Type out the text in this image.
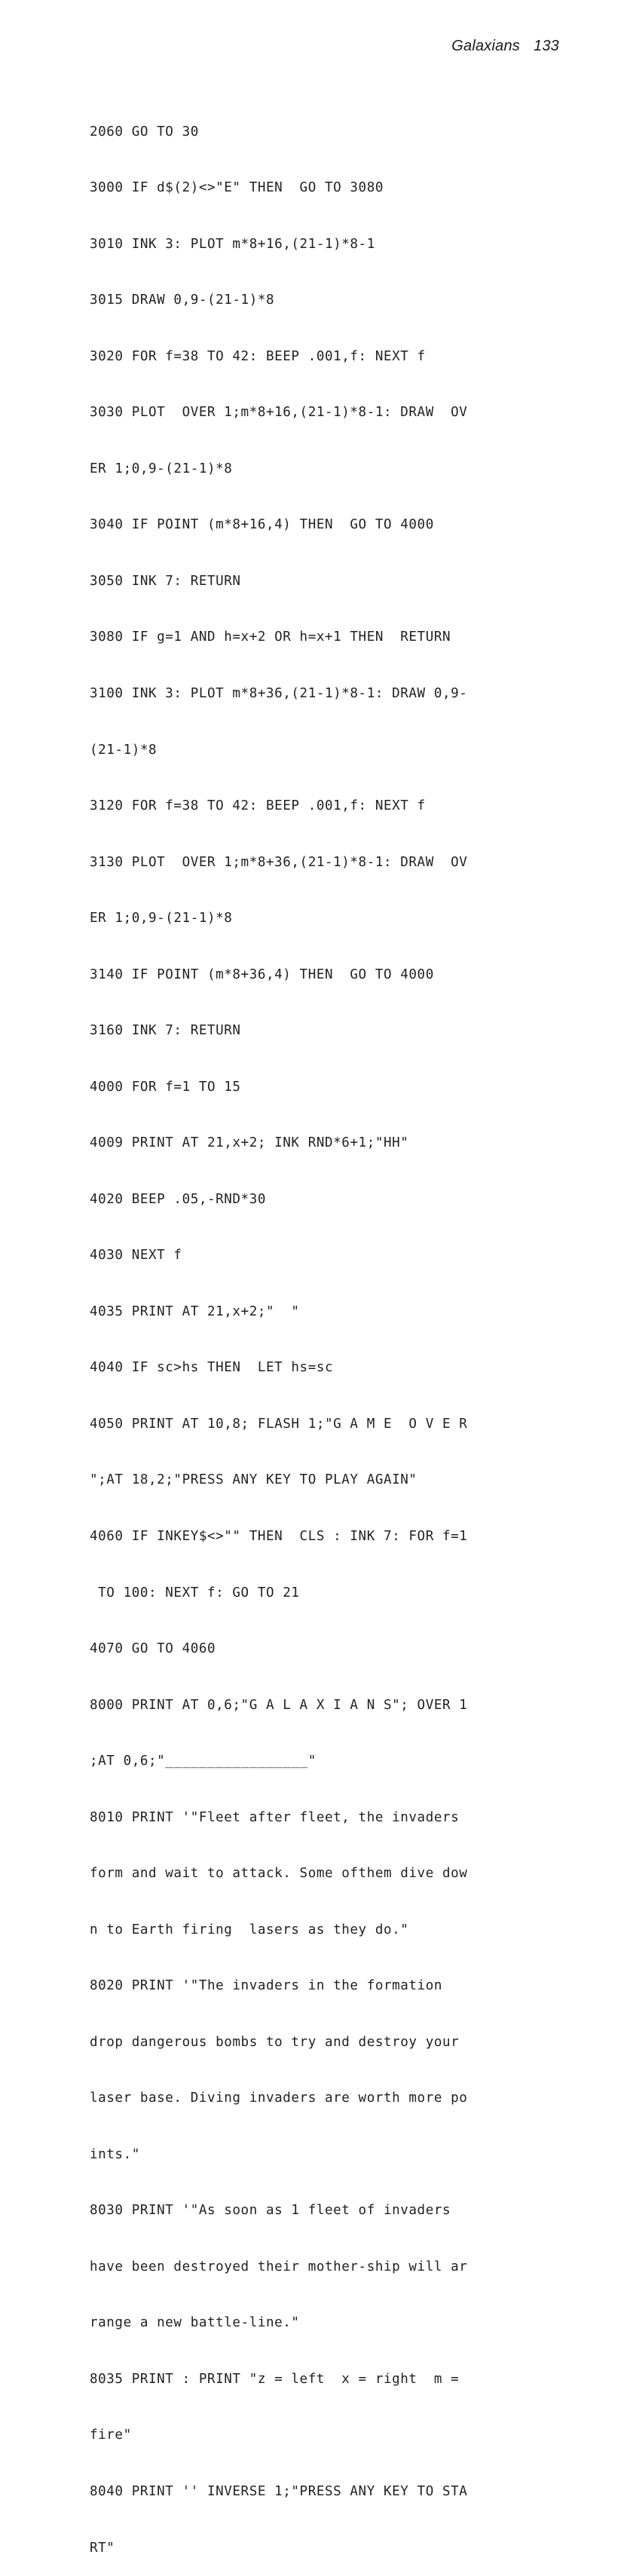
Galaxians 133

2060 GO TO 30

3000 IF d$(2)<>"E" THEN  GO TO 3080

3010 INK 3: PLOT m*8+16,(21-1)*8-1

3015 DRAW 0,9-(21-1)*8

3020 FOR f=38 TO 42: BEEP .001,f: NEXT f

3030 PLOT  OVER 1;m*8+16,(21-1)*8-1: DRAW  OV

ER 1;0,9-(21-1)*8

3040 IF POINT (m*8+16,4) THEN  GO TO 4000

3050 INK 7: RETURN

3080 IF g=1 AND h=x+2 OR h=x+1 THEN  RETURN

3100 INK 3: PLOT m*8+36,(21-1)*8-1: DRAW 0,9-

(21-1)*8

3120 FOR f=38 TO 42: BEEP .001,f: NEXT f

3130 PLOT  OVER 1;m*8+36,(21-1)*8-1: DRAW  OV

ER 1;0,9-(21-1)*8

3140 IF POINT (m*8+36,4) THEN  GO TO 4000

3160 INK 7: RETURN

4000 FOR f=1 TO 15

4009 PRINT AT 21,x+2; INK RND*6+1;"HH"

4020 BEEP .05,-RND*30

4030 NEXT f

4035 PRINT AT 21,x+2;"  "

4040 IF sc>hs THEN  LET hs=sc

4050 PRINT AT 10,8; FLASH 1;"G A M E  O V E R

";AT 18,2;"PRESS ANY KEY TO PLAY AGAIN"

4060 IF INKEY$<>"" THEN  CLS : INK 7: FOR f=1

TO 100: NEXT f: GO TO 21

4070 GO TO 4060

8000 PRINT AT 0,6;"G A L A X I A N S"; OVER 1

;AT 0,6;"_________________"

8010 PRINT '"Fleet after fleet, the invaders

form and wait to attack. Some ofthem dive dow

n to Earth firing  lasers as they do."

8020 PRINT '"The invaders in the formation

drop dangerous bombs to try and destroy your

laser base. Diving invaders are worth more po

ints."

8030 PRINT '"As soon as 1 fleet of invaders

have been destroyed their mother-ship will ar

range a new battle-line."

8035 PRINT : PRINT "z = left  x = right  m =

fire"

8040 PRINT '' INVERSE 1;"PRESS ANY KEY TO STA

RT"
